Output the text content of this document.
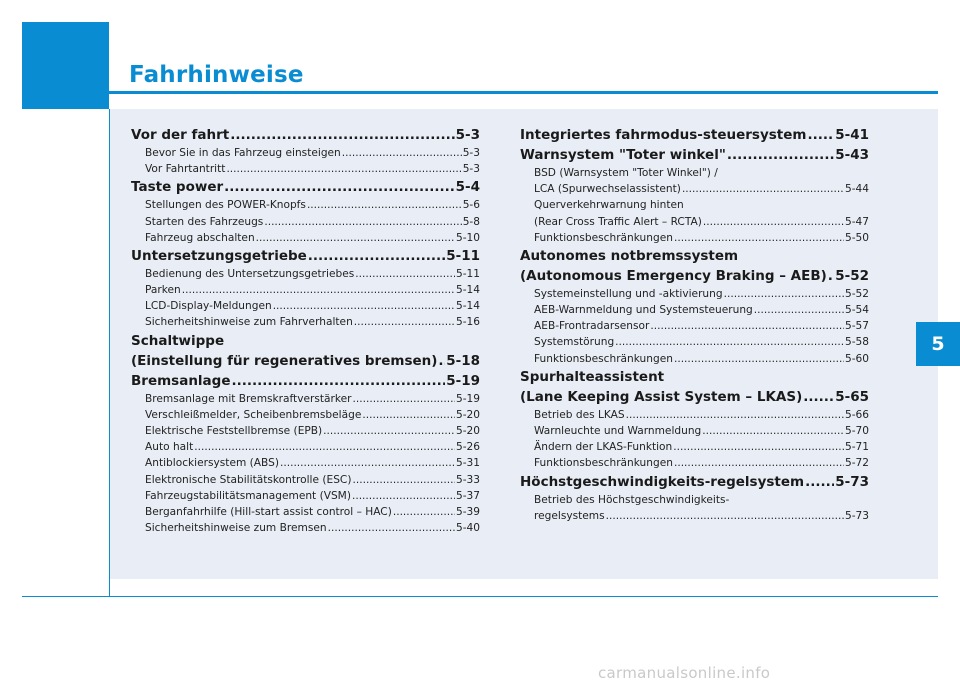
Fahrhinweise
5
Vor der fahrt .....	5-3
Bevor Sie in das Fahrzeug einsteigen .....	5-3
Vor Fahrtantritt .....	5-3
Taste power .....	5-4
Stellungen des POWER-Knopfs .....	5-6
Starten des Fahrzeugs .....	5-8
Fahrzeug abschalten .....	5-10
Untersetzungsgetriebe .....	5-11
Bedienung des Untersetzungsgetriebes .....	5-11
Parken .....	5-14
LCD-Display-Meldungen .....	5-14
Sicherheitshinweise zum Fahrverhalten .....	5-16
Schaltwippe
(Einstellung für regeneratives bremsen) ..... 5-18
Bremsanlage .....	5-19
Bremsanlage mit Bremskraftverstärker .....	5-19
Verschleißmelder, Scheibenbremsbeläge .....	5-20
Elektrische Feststellbremse (EPB) .....	5-20
Auto halt .....	5-26
Antiblockiersystem (ABS) .....	5-31
Elektronische Stabilitätskontrolle (ESC) .....	5-33
Fahrzeugstabilitätsmanagement (VSM) .....	5-37
Berganfahrhilfe (Hill-start assist control – HAC) .....	5-39
Sicherheitshinweise zum Bremsen .....	5-40
Integriertes fahrmodus-steuersystem ..... 5-41
Warnsystem "Toter winkel" .....	5-43
BSD (Warnsystem "Toter Winkel") /
LCA (Spurwechselassistent) .....	5-44
Querverkehrwarnung hinten
(Rear Cross Traffic Alert – RCTA) .....	5-47
Funktionsbeschränkungen .....	5-50
Autonomes notbremssystem
(Autonomous Emergency Braking – AEB) ..... 5-52
Systemeinstellung und -aktivierung .....	5-52
AEB-Warnmeldung und Systemsteuerung .....	5-54
AEB-Frontradarsensor .....	5-57
Systemstörung .....	5-58
Funktionsbeschränkungen .....	5-60
Spurhalteassistent
(Lane Keeping Assist System – LKAS) ..... 5-65
Betrieb des LKAS .....	5-66
Warnleuchte und Warnmeldung .....	5-70
Ändern der LKAS-Funktion .....	5-71
Funktionsbeschränkungen .....	5-72
Höchstgeschwindigkeits-regelsystem ..... 5-73
Betrieb des Höchstgeschwindigkeits-
regelsystems .....	5-73
carmanualsonline.info
